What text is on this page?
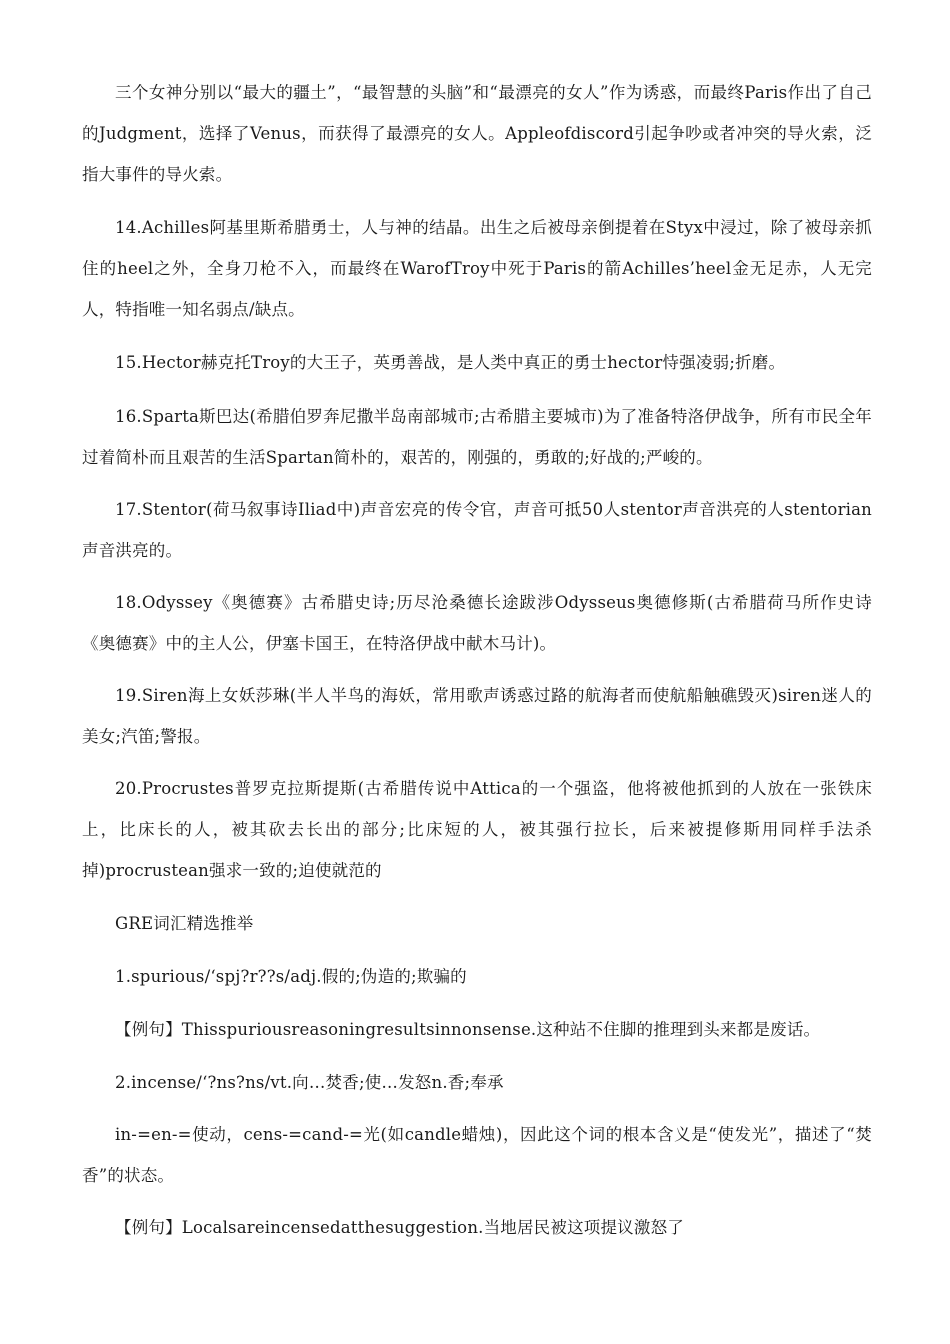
三个女神分别以“最大的疆土”，“最智慧的头脑”和“最漂亮的女人”作为诱惑，而最终Paris作出了自己的Judgment，选择了Venus，而获得了最漂亮的女人。Appleofdiscord引起争吵或者冲突的导火索，泛指大事件的导火索。

14.Achilles阿基里斯希腊勇士，人与神的结晶。出生之后被母亲倒提着在Styx中浸过，除了被母亲抓住的heel之外，全身刀枪不入，而最终在WarofTroy中死于Paris的箭Achilles’heel金无足赤，人无完人，特指唯一知名弱点/缺点。

15.Hector赫克托Troy的大王子，英勇善战，是人类中真正的勇士hector恃强凌弱;折磨。

16.Sparta斯巴达(希腊伯罗奔尼撒半岛南部城市;古希腊主要城市)为了准备特洛伊战争，所有市民全年过着简朴而且艰苦的生活Spartan简朴的，艰苦的，刚强的，勇敢的;好战的;严峻的。

17.Stentor(荷马叙事诗Iliad中)声音宏亮的传令官，声音可抵50人stentor声音洪亮的人stentorian声音洪亮的。

18.Odyssey《奥德赛》古希腊史诗;历尽沧桑德长途跋涉Odysseus奥德修斯(古希腊荷马所作史诗《奥德赛》中的主人公，伊塞卡国王，在特洛伊战中献木马计)。

19.Siren海上女妖莎琳(半人半鸟的海妖，常用歌声诱惑过路的航海者而使航船触礁毁灭)siren迷人的美女;汽笛;警报。

20.Procrustes普罗克拉斯提斯(古希腊传说中Attica的一个强盗，他将被他抓到的人放在一张铁床上，比床长的人，被其砍去长出的部分;比床短的人，被其强行拉长，后来被提修斯用同样手法杀掉)procrustean强求一致的;迫使就范的

GRE词汇精选推举

1.spurious/‘spj?r??s/adj.假的;伪造的;欺骗的

【例句】Thisspuriousreasoningresultsinnonsense.这种站不住脚的推理到头来都是废话。

2.incense/‘?ns?ns/vt.向…焚香;使…发怒n.香;奉承

in-=en-=使动，cens-=cand-=光(如candle蜡烛)，因此这个词的根本含义是“使发光”，描述了“焚香”的状态。

【例句】Localsareincensedatthesuggestion.当地居民被这项提议激怒了
